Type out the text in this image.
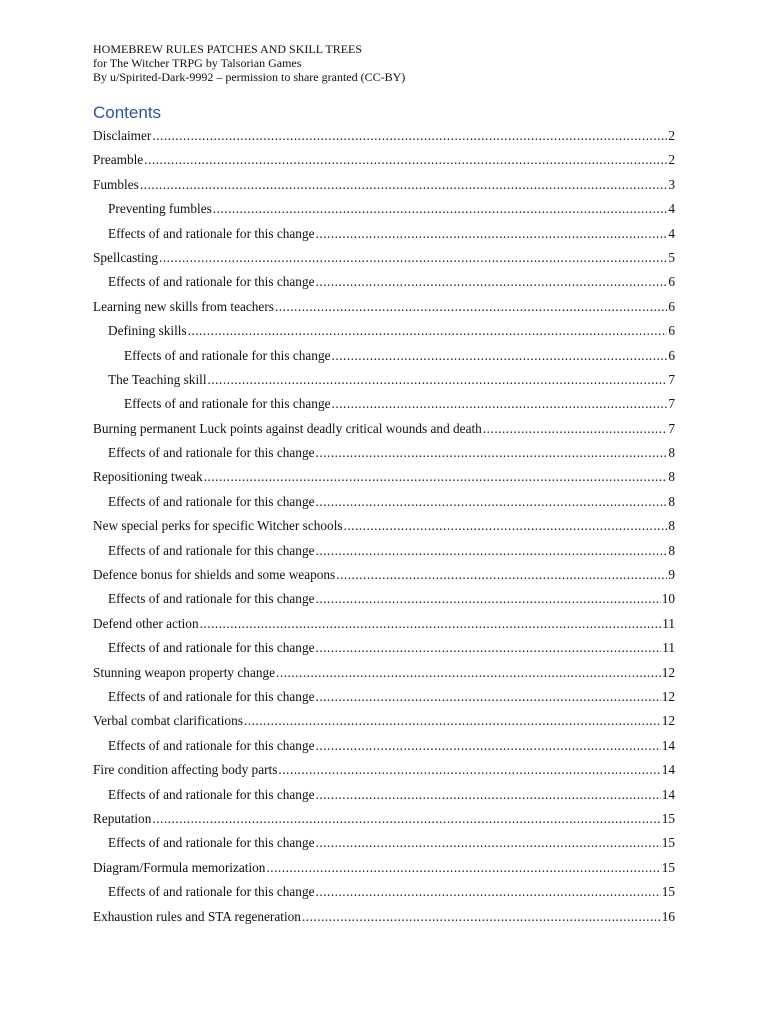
HOMEBREW RULES PATCHES AND SKILL TREES
for The Witcher TRPG by Talsorian Games
By u/Spirited-Dark-9992 – permission to share granted (CC-BY)
Contents
Disclaimer .....	2
Preamble .....	2
Fumbles .....	3
Preventing fumbles .....	4
Effects of and rationale for this change .....	4
Spellcasting .....	5
Effects of and rationale for this change .....	6
Learning new skills from teachers .....	6
Defining skills .....	6
Effects of and rationale for this change .....	6
The Teaching skill .....	7
Effects of and rationale for this change .....	7
Burning permanent Luck points against deadly critical wounds and death .....	7
Effects of and rationale for this change .....	8
Repositioning tweak .....	8
Effects of and rationale for this change .....	8
New special perks for specific Witcher schools .....	8
Effects of and rationale for this change .....	8
Defence bonus for shields and some weapons .....	9
Effects of and rationale for this change .....	10
Defend other action .....	11
Effects of and rationale for this change .....	11
Stunning weapon property change .....	12
Effects of and rationale for this change .....	12
Verbal combat clarifications .....	12
Effects of and rationale for this change .....	14
Fire condition affecting body parts .....	14
Effects of and rationale for this change .....	14
Reputation .....	15
Effects of and rationale for this change .....	15
Diagram/Formula memorization .....	15
Effects of and rationale for this change .....	15
Exhaustion rules and STA regeneration .....	16
